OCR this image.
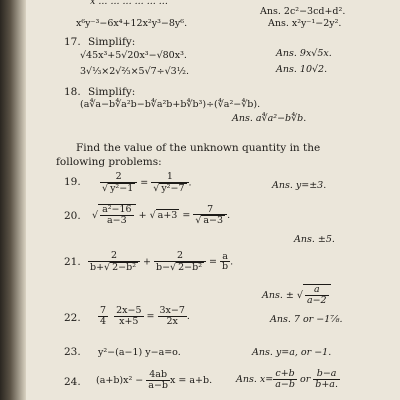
x ... ... ... ... ... ...
Ans. 2c²−3cd+d².
x⁶y⁻³−6x⁴+12x²y³−8y⁶.	Ans. x²y⁻¹−2y².
17. Simplify:
√45x³+5√20x³−√80x³.	Ans. 9x√5x.
3√⅓×2√⅔×5√7÷√3½.	Ans. 10√2.
18. Simplify:
(a∜a−b∜a²b−b∜a²b+b∜b³)÷(∜a²−∜b).
Ans. a∜a²−b∜b.
Find the value of the unknown quantity in the
following problems:
19. $\frac{2}{\text{√ y²−1}} = \frac{1}{\text{√ y²−7}}$ .	Ans. y=±3.
20. √ $\frac{\text{a²−16}}{a-3}$ + √ $a+3 = \frac{7}{√ a-3}$ .
Ans. ±5.
21. $\frac{2}{\text{b+√ 2−b²}} + \frac{2}{\text{b−√ 2−b²}} = \frac{a}{b}$ .
Ans. ± √ $\frac{a}{a-2}$
22. $\frac{7}{4}$
$\frac{2x-5}{x+5} = \frac{3x-7}{2x}$ .	Ans. 7 or −1⅞.
23. y²−(a−1) y−a=o.	Ans. y=a, or −1.
24. $(a+b)x^2 - \frac{4ab}{a-b}$ x = a+b.	Ans. $x= \frac{c+b}{a-b}$ or $\frac{b-a}{b+a.}$
